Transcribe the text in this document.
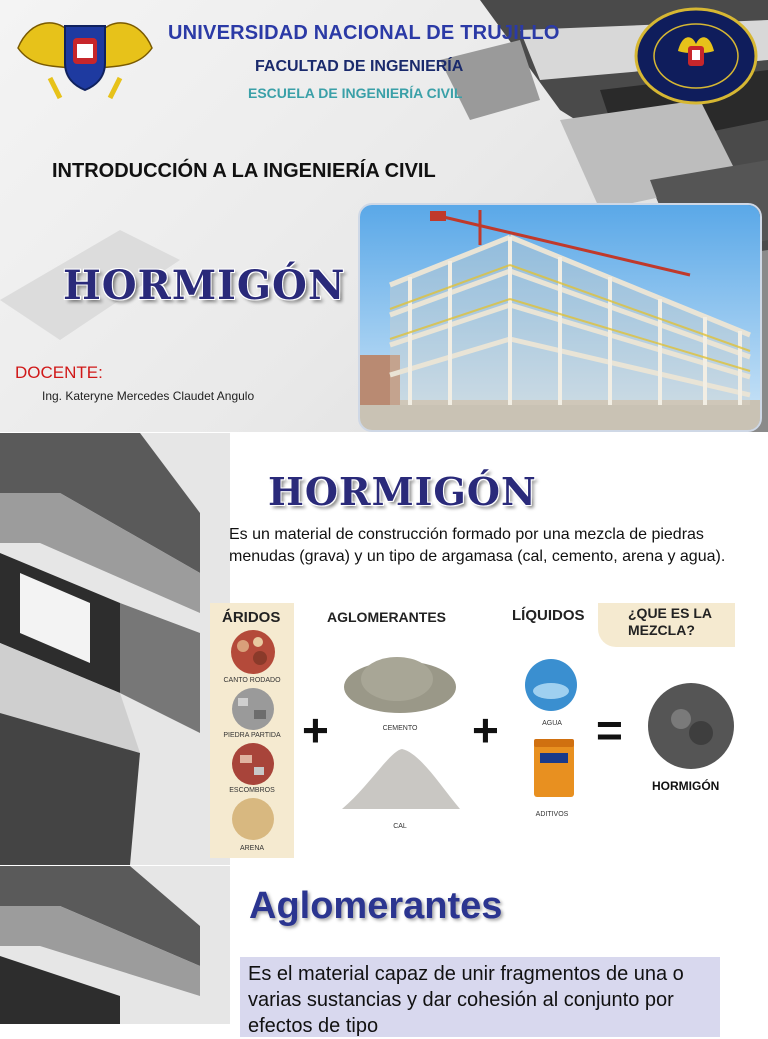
UNIVERSIDAD NACIONAL DE TRUJILLO
FACULTAD DE INGENIERÍA
ESCUELA DE INGENIERÍA CIVIL
INTRODUCCIÓN A LA INGENIERÍA CIVIL
HORMIGÓN
DOCENTE:
Ing. Kateryne Mercedes Claudet Angulo
HORMIGÓN
Es un material de construcción formado por una mezcla de piedras menudas (grava) y un tipo de argamasa (cal, cemento, arena y agua).
ÁRIDOS
CANTO RODADO
PIEDRA PARTIDA
ESCOMBROS
ARENA
AGLOMERANTES
CEMENTO
CAL
+	+
LÍQUIDOS
AGUA
ADITIVOS
¿QUE ES LA MEZCLA?
=
HORMIGÓN
Aglomerantes
Es el material capaz de unir fragmentos de una o varias sustancias y dar cohesión al conjunto por efectos de tipo
